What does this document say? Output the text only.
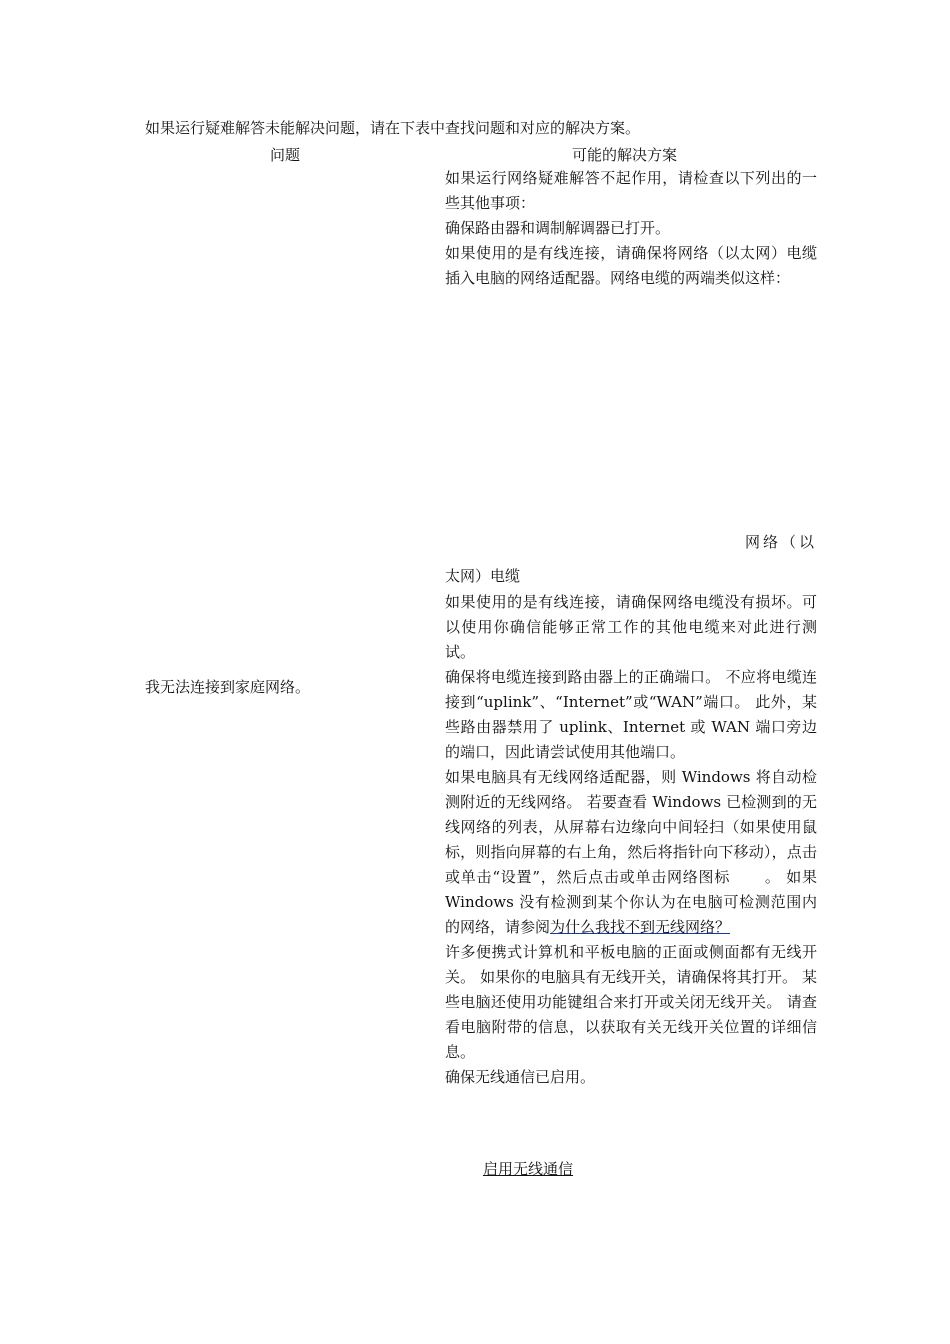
如果运行疑难解答未能解决问题，请在下表中查找问题和对应的解决方案。
问题	可能的解决方案
我无法连接到家庭网络。

如果运行网络疑难解答不起作用，请检查以下列出的一些其他事项：

确保路由器和调制解调器已打开。

如果使用的是有线连接，请确保将网络（以太网）电缆插入电脑的网络适配器。网络电缆的两端类似这样：

网络（以
太网）电缆

如果使用的是有线连接，请确保网络电缆没有损坏。可以使用你确信能够正常工作的其他电缆来对此进行测试。

确保将电缆连接到路由器上的正确端口。 不应将电缆连接到“uplink”、“Internet”或“WAN”端口。 此外，某些路由器禁用了 uplink、Internet 或 WAN 端口旁边的端口，因此请尝试使用其他端口。

如果电脑具有无线网络适配器，则 Windows 将自动检测附近的无线网络。 若要查看 Windows 已检测到的无线网络的列表，从屏幕右边缘向中间轻扫（如果使用鼠标，则指向屏幕的右上角，然后将指针向下移动），点击或单击“设置”，然后点击或单击网络图标 。 如果 Windows 没有检测到某个你认为在电脑可检测范围内的网络，请参阅为什么我找不到无线网络？

许多便携式计算机和平板电脑的正面或侧面都有无线开关。 如果你的电脑具有无线开关，请确保将其打开。 某些电脑还使用功能键组合来打开或关闭无线开关。 请查看电脑附带的信息，以获取有关无线开关位置的详细信息。

确保无线通信已启用。

启用无线通信
